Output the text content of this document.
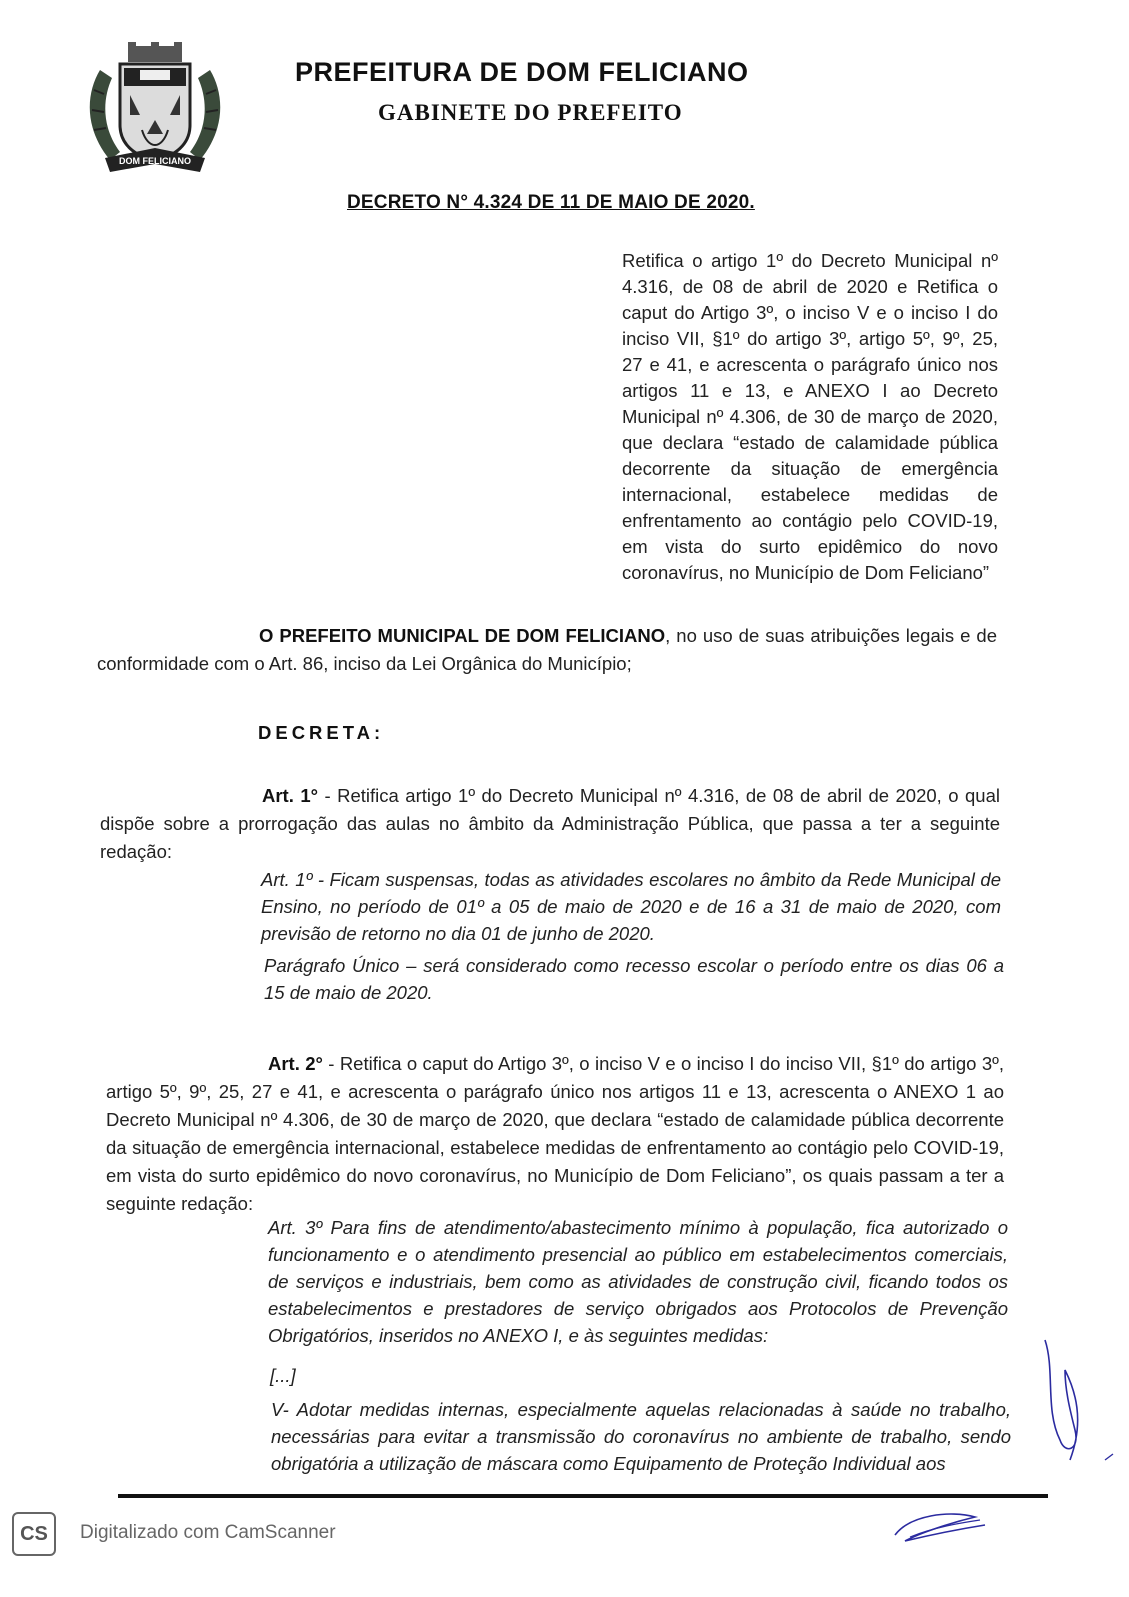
DOM FELICIANO
PREFEITURA DE DOM FELICIANO
GABINETE DO PREFEITO
DECRETO N° 4.324 DE 11 DE MAIO DE 2020.

Retifica o artigo 1º do Decreto Municipal nº 4.316, de 08 de abril de 2020 e Retifica o caput do Artigo 3º, o inciso V e o inciso I do inciso VII, §1º do artigo 3º, artigo 5º, 9º, 25, 27 e 41, e acrescenta o parágrafo único nos artigos 11 e 13, e ANEXO I ao Decreto Municipal nº 4.306, de 30 de março de 2020, que declara “estado de calamidade pública decorrente da situação de emergência internacional, estabelece medidas de enfrentamento ao contágio pelo COVID-19, em vista do surto epidêmico do novo coronavírus, no Município de Dom Feliciano”

O PREFEITO MUNICIPAL DE DOM FELICIANO, no uso de suas atribuições legais e de conformidade com o Art. 86, inciso da Lei Orgânica do Município;

DECRETA:

Art. 1° - Retifica artigo 1º do Decreto Municipal nº 4.316, de 08 de abril de 2020, o qual dispõe sobre a prorrogação das aulas no âmbito da Administração Pública, que passa a ter a seguinte redação:

Art. 1º - Ficam suspensas, todas as atividades escolares no âmbito da Rede Municipal de Ensino, no período de 01º a 05 de maio de 2020 e de 16 a 31 de maio de 2020, com previsão de retorno no dia 01 de junho de 2020.

Parágrafo Único – será considerado como recesso escolar o período entre os dias 06 a 15 de maio de 2020.

Art. 2° - Retifica o caput do Artigo 3º, o inciso V e o inciso I do inciso VII, §1º do artigo 3º, artigo 5º, 9º, 25, 27 e 41, e acrescenta o parágrafo único nos artigos 11 e 13, acrescenta o ANEXO 1 ao Decreto Municipal nº 4.306, de 30 de março de 2020, que declara “estado de calamidade pública decorrente da situação de emergência internacional, estabelece medidas de enfrentamento ao contágio pelo COVID-19, em vista do surto epidêmico do novo coronavírus, no Município de Dom Feliciano”, os quais passam a ter a seguinte redação:

Art. 3º Para fins de atendimento/abastecimento mínimo à população, fica autorizado o funcionamento e o atendimento presencial ao público em estabelecimentos comerciais, de serviços e industriais, bem como as atividades de construção civil, ficando todos os estabelecimentos e prestadores de serviço obrigados aos Protocolos de Prevenção Obrigatórios, inseridos no ANEXO I, e às seguintes medidas:

[...]

V- Adotar medidas internas, especialmente aquelas relacionadas à saúde no trabalho, necessárias para evitar a transmissão do coronavírus no ambiente de trabalho, sendo obrigatória a utilização de máscara como Equipamento de Proteção Individual aos

CS	Digitalizado com CamScanner
